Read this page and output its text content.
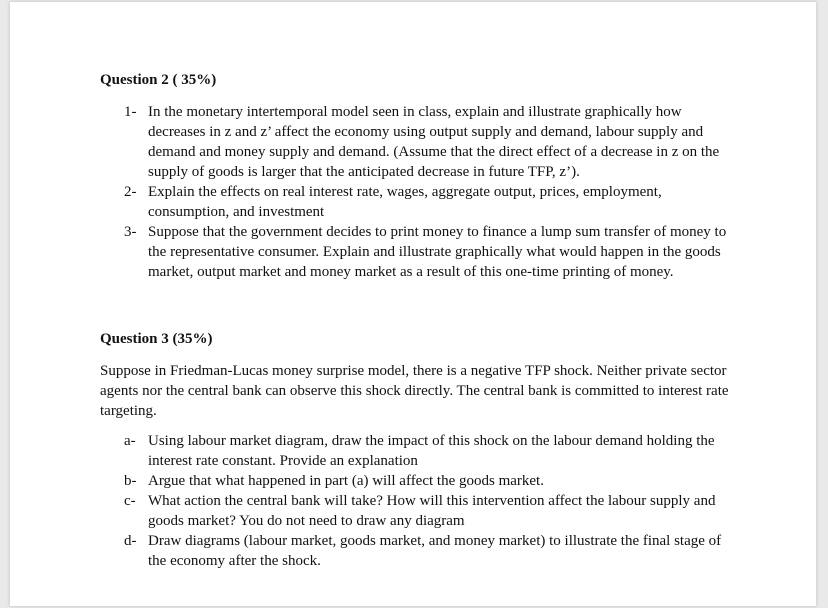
Question 2 ( 35%)
1- In the monetary intertemporal model seen in class, explain and illustrate graphically how decreases in z and z’ affect the economy using output supply and demand, labour supply and demand and money supply and demand. (Assume that the direct effect of a decrease in z on the supply of goods is larger that the anticipated decrease in future TFP, z’).
2- Explain the effects on real interest rate, wages, aggregate output, prices, employment, consumption, and investment
3- Suppose that the government decides to print money to finance a lump sum transfer of money to the representative consumer. Explain and illustrate graphically what would happen in the goods market, output market and money market as a result of this one-time printing of money.
Question 3 (35%)

Suppose in Friedman-Lucas money surprise model, there is a negative TFP shock. Neither private sector agents nor the central bank can observe this shock directly. The central bank is committed to interest rate targeting.

a- Using labour market diagram, draw the impact of this shock on the labour demand holding the interest rate constant. Provide an explanation
b- Argue that what happened in part (a) will affect the goods market.
c- What action the central bank will take? How will this intervention affect the labour supply and goods market? You do not need to draw any diagram
d- Draw diagrams (labour market, goods market, and money market) to illustrate the final stage of the economy after the shock.
